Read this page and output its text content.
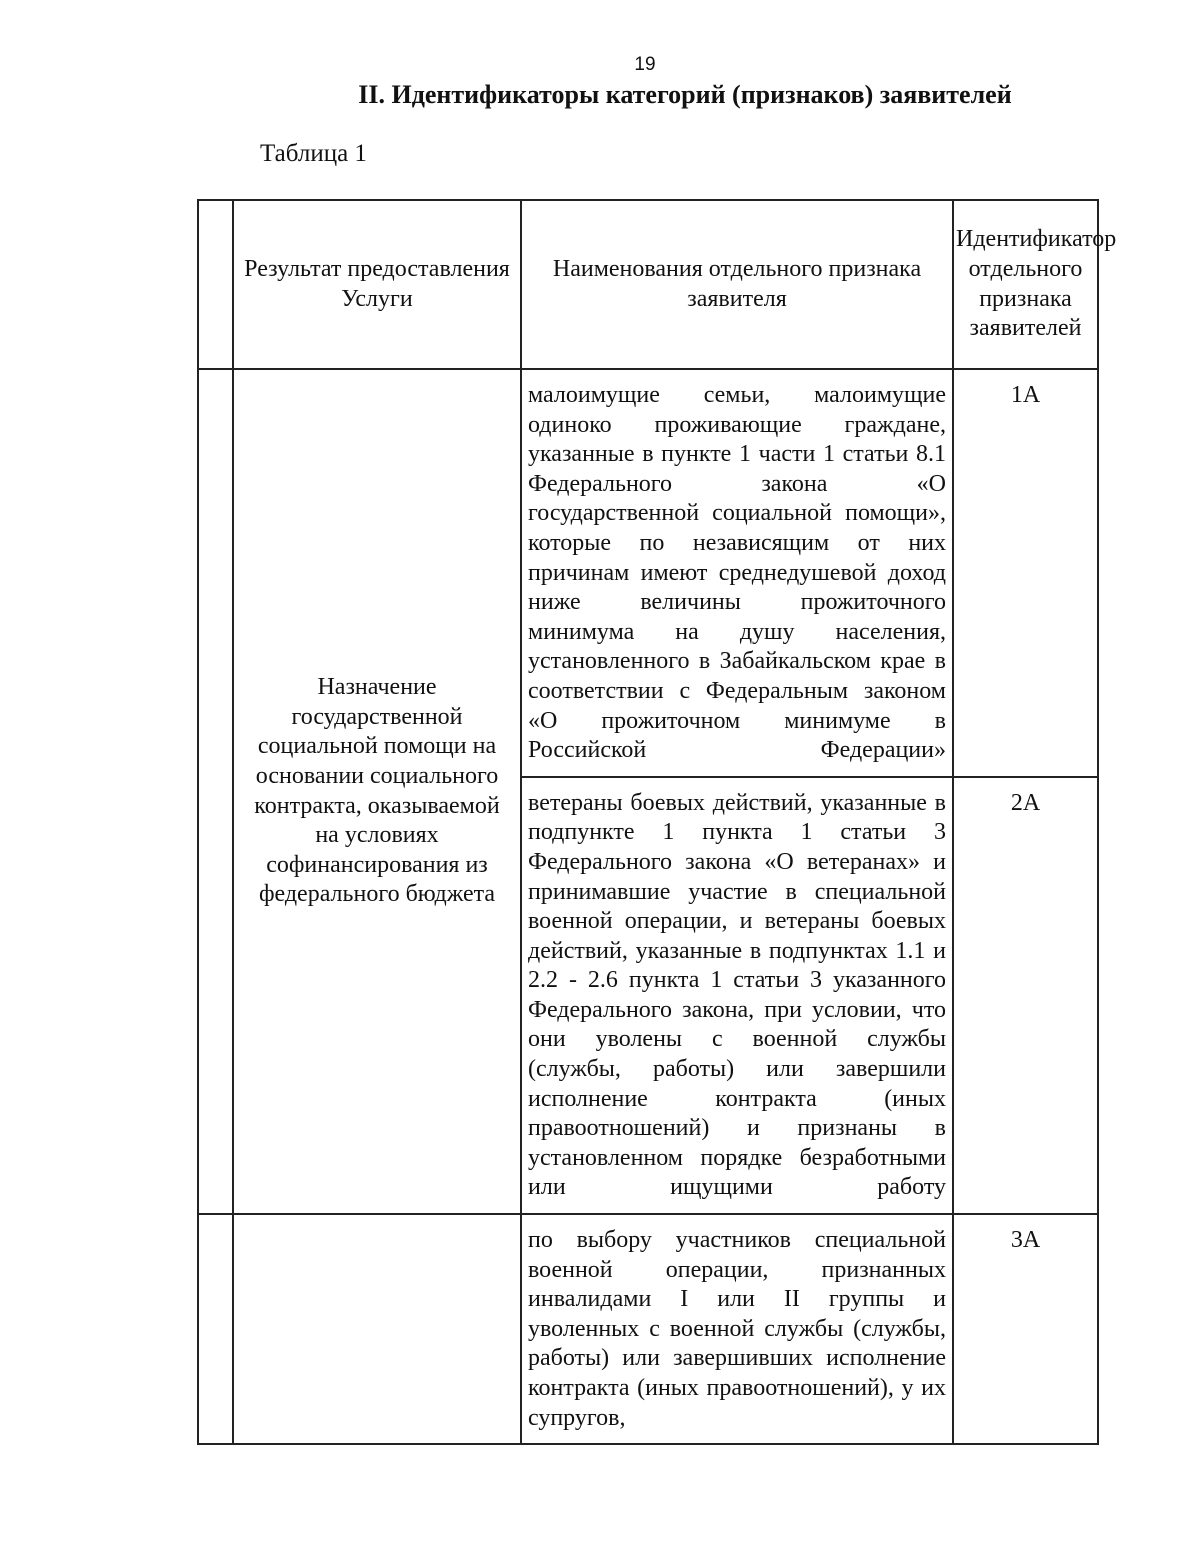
19
II. Идентификаторы категорий (признаков) заявителей
Таблица 1
	Результат предоставления Услуги	Наименования отдельного признака заявителя	Идентификатор отдельного признака заявителей
	Назначение государственной социальной помощи на основании социального контракта, оказываемой на условиях софинансирования из федерального бюджета	малоимущие семьи, малоимущие одиноко проживающие граждане, указанные в пункте 1 части 1 статьи 8.1 Федерального закона «О государственной социальной помощи», которые по независящим от них причинам имеют среднедушевой доход ниже величины прожиточного минимума на душу населения, установленного в Забайкальском крае в соответствии с Федеральным законом «О прожиточном минимуме в Российской Федерации»	1А

		ветераны боевых действий, указанные в подпункте 1 пункта 1 статьи 3 Федерального закона «О ветеранах» и принимавшие участие в специальной военной операции, и ветераны боевых действий, указанные в подпунктах 1.1 и 2.2 - 2.6 пункта 1 статьи 3 указанного Федерального закона, при условии, что они уволены с военной службы (службы, работы) или завершили исполнение контракта (иных правоотношений) и признаны в установленном порядке безработными или ищущими работу	2А

		по выбору участников специальной военной операции, признанных инвалидами I или II группы и уволенных с военной службы (службы, работы) или завершивших исполнение контракта (иных правоотношений), у их супругов,	3А
